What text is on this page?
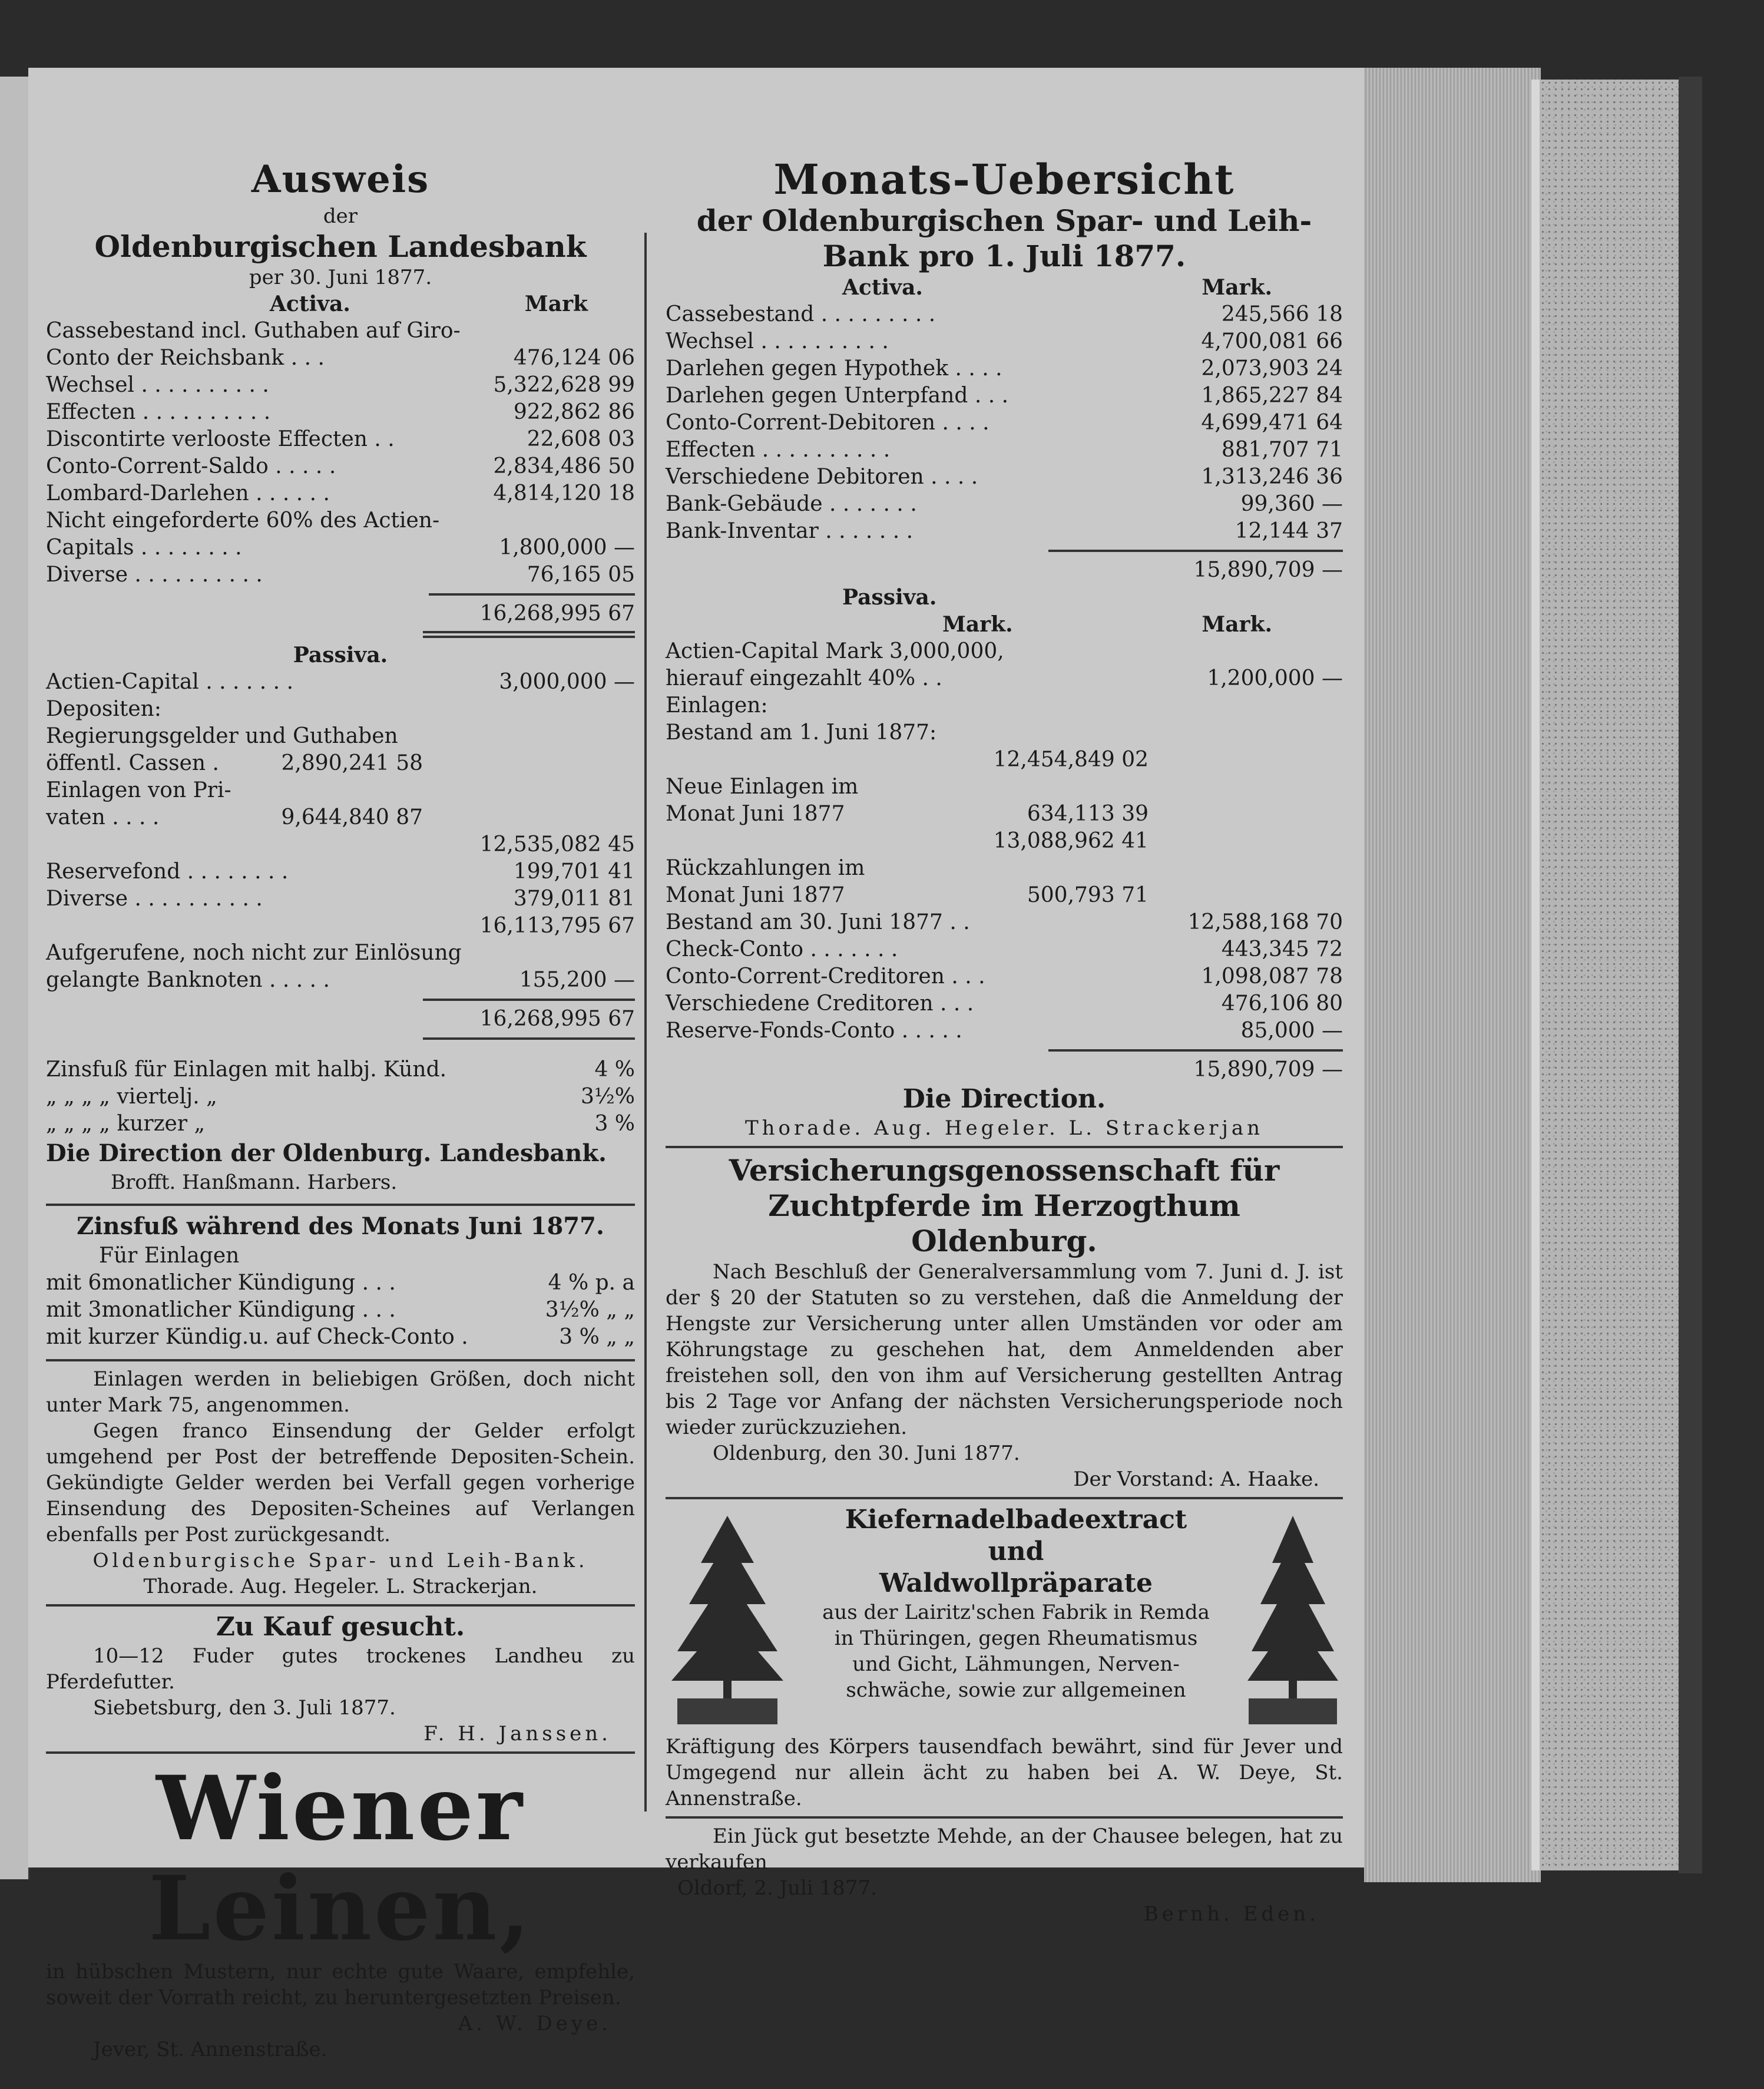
Ausweis
der
Oldenburgischen Landesbank
per 30. Juni 1877.
Activa.	Mark
Cassebestand incl. Guthaben auf Giro-
Conto der Reichsbank . . .	476,124 06
Wechsel . . . . . . . . . .	5,322,628 99
Effecten . . . . . . . . . .	922,862 86
Discontirte verlooste Effecten . .	22,608 03
Conto-Corrent-Saldo . . . . .	2,834,486 50
Lombard-Darlehen . . . . . .	4,814,120 18
Nicht eingeforderte 60% des Actien-
Capitals . . . . . . . .	1,800,000 —
Diverse . . . . . . . . . .	76,165 05
16,268,995 67
Passiva.
Actien-Capital . . . . . . .	3,000,000 —
Depositen:
Regierungsgelder und Guthaben
öffentl. Cassen .	2,890,241 58
Einlagen von Pri-
vaten . . . .	9,644,840 87
12,535,082 45
Reservefond . . . . . . . .	199,701 41
Diverse . . . . . . . . . .	379,011 81
16,113,795 67
Aufgerufene, noch nicht zur Einlösung
gelangte Banknoten . . . . .	155,200 —
16,268,995 67
Zinsfuß für Einlagen mit halbj. Künd.	4 %
„ „ „ „ viertelj. „	3½%
„ „ „ „ kurzer „	3 %
Die Direction der Oldenburg. Landesbank.
Brofft. Hanßmann. Harbers.
Zinsfuß während des Monats Juni 1877.
Für Einlagen
mit 6monatlicher Kündigung . . .	4 % p. a
mit 3monatlicher Kündigung . . .	3½% „ „
mit kurzer Kündig.u. auf Check-Conto .	3 % „ „
Einlagen werden in beliebigen Größen, doch nicht unter Mark 75, angenommen.
Gegen franco Einsendung der Gelder erfolgt umgehend per Post der betreffende Depositen-Schein. Gekündigte Gelder werden bei Verfall gegen vorherige Einsendung des Depositen-Scheines auf Verlangen ebenfalls per Post zurückgesandt.
Oldenburgische Spar- und Leih-Bank.
Thorade. Aug. Hegeler. L. Strackerjan.
Zu Kauf gesucht.
10—12 Fuder gutes trockenes Landheu zu Pferdefutter.
Siebetsburg, den 3. Juli 1877.
F. H. Janssen.
Wiener Leinen,
in hübschen Mustern, nur echte gute Waare, empfehle, soweit der Vorrath reicht, zu heruntergesetzten Preisen.
A. W. Deye.
Jever, St. Annenstraße.
Monats-Uebersicht
der Oldenburgischen Spar- und Leih-
Bank pro 1. Juli 1877.
Activa.	Mark.
Cassebestand . . . . . . . . .	245,566 18
Wechsel . . . . . . . . . .	4,700,081 66
Darlehen gegen Hypothek . . . .	2,073,903 24
Darlehen gegen Unterpfand . . .	1,865,227 84
Conto-Corrent-Debitoren . . . .	4,699,471 64
Effecten . . . . . . . . . .	881,707 71
Verschiedene Debitoren . . . .	1,313,246 36
Bank-Gebäude . . . . . . .	99,360 —
Bank-Inventar . . . . . . .	12,144 37
15,890,709 —
Passiva.
Mark.	Mark.
Actien-Capital Mark 3,000,000,
hierauf eingezahlt 40% . .	1,200,000 —
Einlagen:
Bestand am 1. Juni 1877:
12,454,849 02
Neue Einlagen im
Monat Juni 1877	634,113 39
13,088,962 41
Rückzahlungen im
Monat Juni 1877	500,793 71
Bestand am 30. Juni 1877 . .	12,588,168 70
Check-Conto . . . . . . .	443,345 72
Conto-Corrent-Creditoren . . .	1,098,087 78
Verschiedene Creditoren . . .	476,106 80
Reserve-Fonds-Conto . . . . .	85,000 —
15,890,709 —
Die Direction.
Thorade. Aug. Hegeler. L. Strackerjan
Versicherungsgenossenschaft für
Zuchtpferde im Herzogthum
Oldenburg.
Nach Beschluß der Generalversammlung vom 7. Juni d. J. ist der § 20 der Statuten so zu verstehen, daß die Anmeldung der Hengste zur Versicherung unter allen Umständen vor oder am Köhrungstage zu geschehen hat, dem Anmeldenden aber freistehen soll, den von ihm auf Versicherung gestellten Antrag bis 2 Tage vor Anfang der nächsten Versicherungsperiode noch wieder zurückzuziehen.
Oldenburg, den 30. Juni 1877.
Der Vorstand: A. Haake.
Kiefernadelbadeextract
und
Waldwollpräparate
aus der Lairitz'schen Fabrik in Remda
in Thüringen, gegen Rheumatismus
und Gicht, Lähmungen, Nerven-
schwäche, sowie zur allgemeinen
Kräftigung des Körpers tausendfach bewährt, sind für Jever und Umgegend nur allein ächt zu haben bei A. W. Deye, St. Annenstraße.
Ein Jück gut besetzte Mehde, an der Chausee belegen, hat zu verkaufen
Oldorf, 2. Juli 1877.
Bernh. Eden.
